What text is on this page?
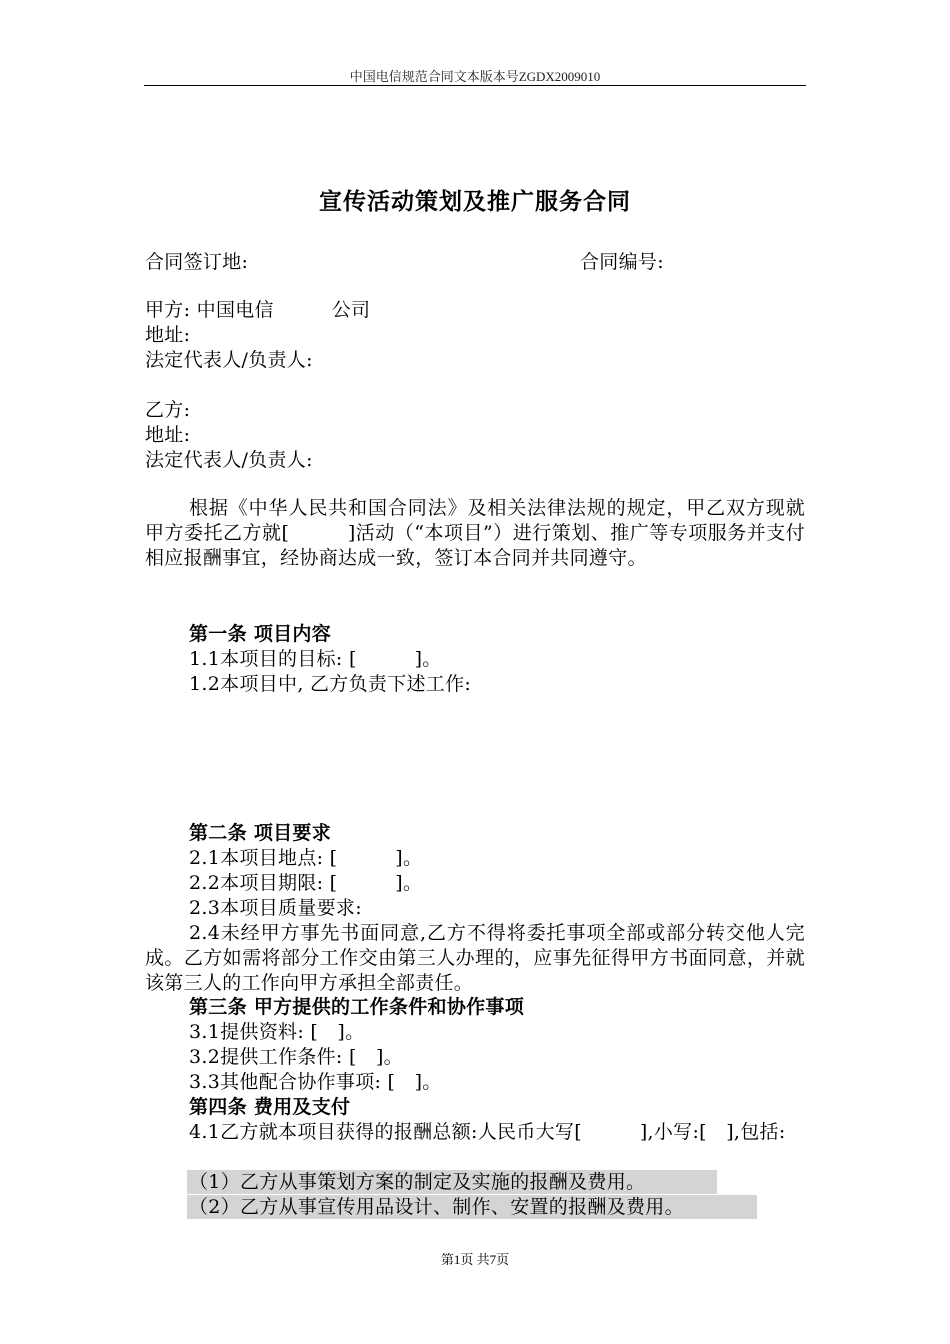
中国电信规范合同文本版本号ZGDX2009010
宣传活动策划及推广服务合同
合同签订地:	合同编号:
甲方: 中国电信　　　公司
地址:
法定代表人/负责人:
乙方:
地址:
法定代表人/负责人:
根据《中华人民共和国合同法》及相关法律法规的规定，甲乙双方现就甲方委托乙方就[　　　]活动（“本项目”）进行策划、推广等专项服务并支付相应报酬事宜，经协商达成一致，签订本合同并共同遵守。
第一条 项目内容
1.1本项目的目标: [　　　]。
1.2本项目中, 乙方负责下述工作:
第二条 项目要求
2.1本项目地点: [　　　]。
2.2本项目期限: [　　　]。
2.3本项目质量要求:
2.4未经甲方事先书面同意,乙方不得将委托事项全部或部分转交他人完成。乙方如需将部分工作交由第三人办理的，应事先征得甲方书面同意，并就该第三人的工作向甲方承担全部责任。
第三条 甲方提供的工作条件和协作事项
3.1提供资料: [　]。
3.2提供工作条件: [　]。
3.3其他配合协作事项: [　]。
第四条 费用及支付
4.1乙方就本项目获得的报酬总额:人民币大写[　　　],小写:[　],包括:
（1）乙方从事策划方案的制定及实施的报酬及费用。
（2）乙方从事宣传用品设计、制作、安置的报酬及费用。
第1页 共7页
